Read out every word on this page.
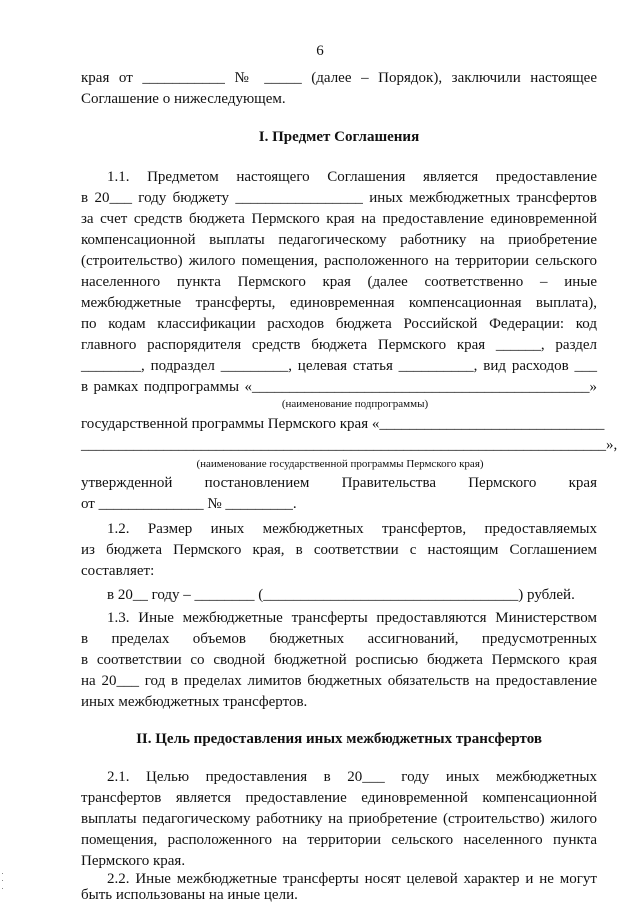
6
края от ___________ № _____ (далее – Порядок), заключили настоящее
Соглашение о нижеследующем.
I. Предмет Соглашения
1.1. Предметом настоящего Соглашения является предоставление
в 20___ году бюджету _________________ иных межбюджетных трансфертов
за счет средств бюджета Пермского края на предоставление единовременной
компенсационной выплаты педагогическому работнику на приобретение
(строительство) жилого помещения, расположенного на территории сельского
населенного пункта Пермского края (далее соответственно – иные
межбюджетные трансферты, единовременная компенсационная выплата),
по кодам классификации расходов бюджета Российской Федерации: код
главного распорядителя средств бюджета Пермского края ______, раздел
________, подраздел _________, целевая статья __________, вид расходов ___
в рамках подпрограммы «_____________________________________________»
(наименование подпрограммы)
государственной программы Пермского края «______________________________
______________________________________________________________________»,
(наименование государственной программы Пермского края)
утвержденной постановлением Правительства Пермского края
от ______________ № _________.
1.2. Размер иных межбюджетных трансфертов, предоставляемых
из бюджета Пермского края, в соответствии с настоящим Соглашением
составляет:
в 20__ году – ________ (__________________________________) рублей.
1.3. Иные межбюджетные трансферты предоставляются Министерством
в пределах объемов бюджетных ассигнований, предусмотренных
в соответствии со сводной бюджетной росписью бюджета Пермского края
на 20___ год в пределах лимитов бюджетных обязательств на предоставление
иных межбюджетных трансфертов.
II. Цель предоставления иных межбюджетных трансфертов
2.1. Целью предоставления в 20___ году иных межбюджетных
трансфертов является предоставление единовременной компенсационной
выплаты педагогическому работнику на приобретение (строительство) жилого
помещения, расположенного на территории сельского населенного пункта
Пермского края.
2.2. Иные межбюджетные трансферты носят целевой характер и не могут
быть использованы на иные цели.
